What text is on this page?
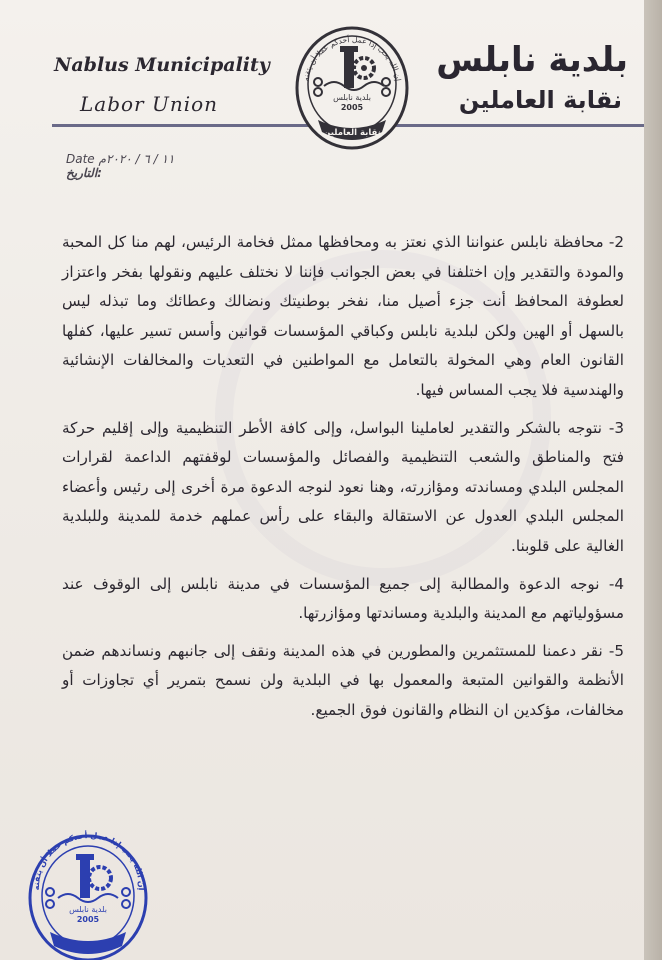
Nablus Municipality
Labor Union
بلدية نابلس
نقابة العاملين
إن الله يحب إذا عمل أحدكم عملا أن يتقنه
بلدية نابلس
2005
نقابة العاملين
Date ١١ / ٦ / ٢٠٢٠م التاريخ:

2- محافظة نابلس عنواننا الذي نعتز به ومحافظها ممثل فخامة الرئيس، لهم منا كل المحبة والمودة والتقدير وإن اختلفنا في بعض الجوانب فإننا لا نختلف عليهم ونقولها بفخر واعتزاز لعطوفة المحافظ أنت جزء أصيل منا، نفخر بوطنيتك ونضالك وعطائك وما تبذله ليس بالسهل أو الهين ولكن لبلدية نابلس وكباقي المؤسسات قوانين وأسس تسير عليها، كفلها القانون العام وهي المخولة بالتعامل مع المواطنين في التعديات والمخالفات الإنشائية والهندسية فلا يجب المساس فيها.

3- نتوجه بالشكر والتقدير لعاملينا البواسل، وإلى كافة الأطر التنظيمية وإلى إقليم حركة فتح والمناطق والشعب التنظيمية والفصائل والمؤسسات لوقفتهم الداعمة لقرارات المجلس البلدي ومساندته ومؤازرته، وهنا نعود لنوجه الدعوة مرة أخرى إلى رئيس وأعضاء المجلس البلدي العدول عن الاستقالة والبقاء على رأس عملهم خدمة للمدينة وللبلدية الغالية على قلوبنا.

4- نوجه الدعوة والمطالبة إلى جميع المؤسسات في مدينة نابلس إلى الوقوف عند مسؤولياتهم مع المدينة والبلدية ومساندتها ومؤازرتها.

5- نقر دعمنا للمستثمرين والمطورين في هذه المدينة ونقف إلى جانبهم ونساندهم ضمن الأنظمة والقوانين المتبعة والمعمول بها في البلدية ولن نسمح بتمرير أي تجاوزات أو مخالفات، مؤكدين ان النظام والقانون فوق الجميع.

إن الله يحب إذا عمل أحدكم عملا أن يتقنه
بلدية نابلس
2005
